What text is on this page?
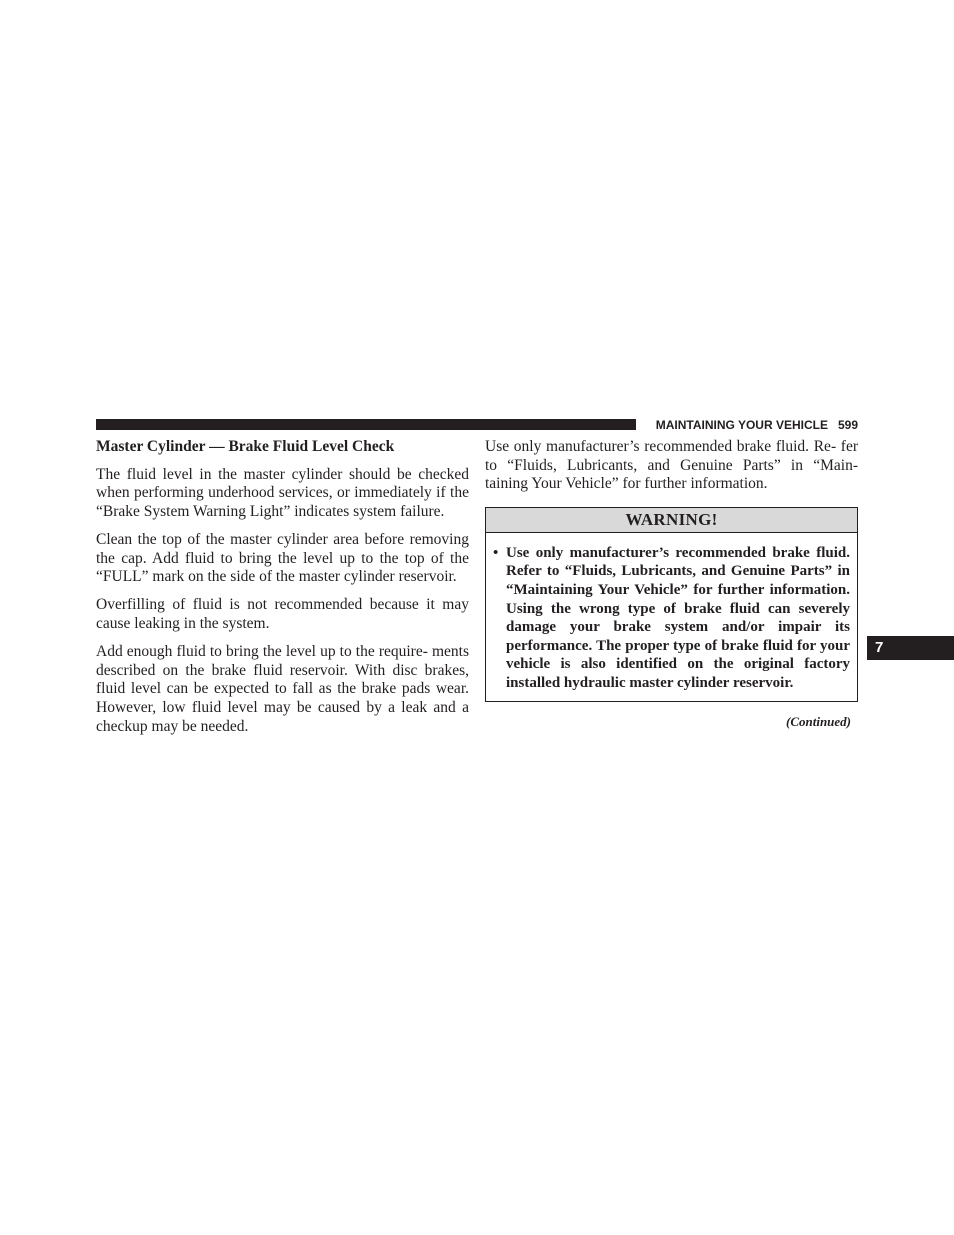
MAINTAINING YOUR VEHICLE 599
Master Cylinder — Brake Fluid Level Check

The fluid level in the master cylinder should be checked when performing underhood services, or immediately if the “Brake System Warning Light” indicates system failure.

Clean the top of the master cylinder area before removing the cap. Add fluid to bring the level up to the top of the “FULL” mark on the side of the master cylinder reservoir.

Overfilling of fluid is not recommended because it may cause leaking in the system.

Add enough fluid to bring the level up to the require- ments described on the brake fluid reservoir. With disc brakes, fluid level can be expected to fall as the brake pads wear. However, low fluid level may be caused by a leak and a checkup may be needed.

Use only manufacturer’s recommended brake fluid. Re- fer to “Fluids, Lubricants, and Genuine Parts” in “Main- taining Your Vehicle” for further information.

WARNING!
• Use only manufacturer’s recommended brake fluid. Refer to “Fluids, Lubricants, and Genuine Parts” in “Maintaining Your Vehicle” for further information. Using the wrong type of brake fluid can severely damage your brake system and/or impair its performance. The proper type of brake fluid for your vehicle is also identified on the original factory installed hydraulic master cylinder reservoir.
(Continued)
7
